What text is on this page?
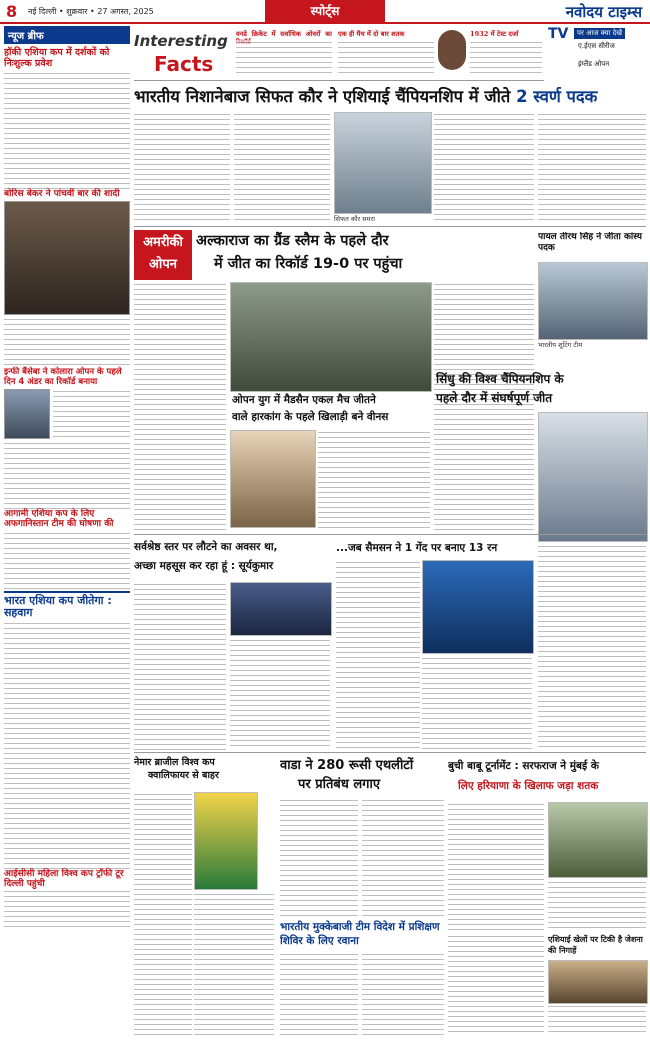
8 नई दिल्ली • शुक्रवार • 27 अगस्त, 2025	स्पोर्ट्स	नवोदय टाइम्स
न्यूज ब्रीफ
हॉकी एशिया कप में दर्शकों को निःशुल्क प्रवेश
बोरिस बेकर ने पांचवीं बार की शादी
इन्फी बैंसेबा ने कोलारा ओपन के पहले दिन 4 अंडर का रिकॉर्ड बनाया
आगामी एशिया कप के लिए अफगानिस्तान टीम की घोषणा की
भारत एशिया कप जीतेगा : सहवाग
आईसीसी महिला विश्व कप ट्रॉफी टूर दिल्ली पहुंची
Interesting
Facts
वनडे क्रिकेट में सर्वाधिक ओवरों का एक ही मैच में दो बार शतक	1932 में टेस्ट दर्जा	TV	पर आज क्या देखें
ए.ईएस सीरीज
इंग्लैंड ओपन
भारतीय निशानेबाज सिफत कौर ने एशियाई चैंपियनशिप में जीते 2 स्वर्ण पदक
सिफत कौर समरा
अमरीकी ओपन
अल्काराज का ग्रैंड स्लैम के पहले दौर
में जीत का रिकॉर्ड 19-0 पर पहुंचा
ओपन युग में मैडसैन एकल मैच जीतने
वाले हारकांग के पहले खिलाड़ी बने वीनस
पायल तीरथ सिंह ने जीता कांस्य पदक
भारतीय शूटिंग टीम
सिंधु की विश्व चैंपियनशिप के
पहले दौर में संघर्षपूर्ण जीत
सर्वश्रेष्ठ स्तर पर लौटने का अवसर था,
अच्छा महसूस कर रहा हूं : सूर्यकुमार
...जब सैमसन ने 1 गेंद पर बनाए 13 रन
नेमार ब्राजील विश्व कप
क्वालिफायर से बाहर
वाडा ने 280 रूसी एथलीटों
पर प्रतिबंध लगाए
भारतीय मुक्केबाजी टीम विदेश में प्रशिक्षण शिविर के लिए रवाना
बुची बाबू टूर्नामेंट : सरफराज ने मुंबई के
लिए हरियाणा के खिलाफ जड़ा शतक
एशियाई खेलों पर टिकी है जेशना की निगाहें
